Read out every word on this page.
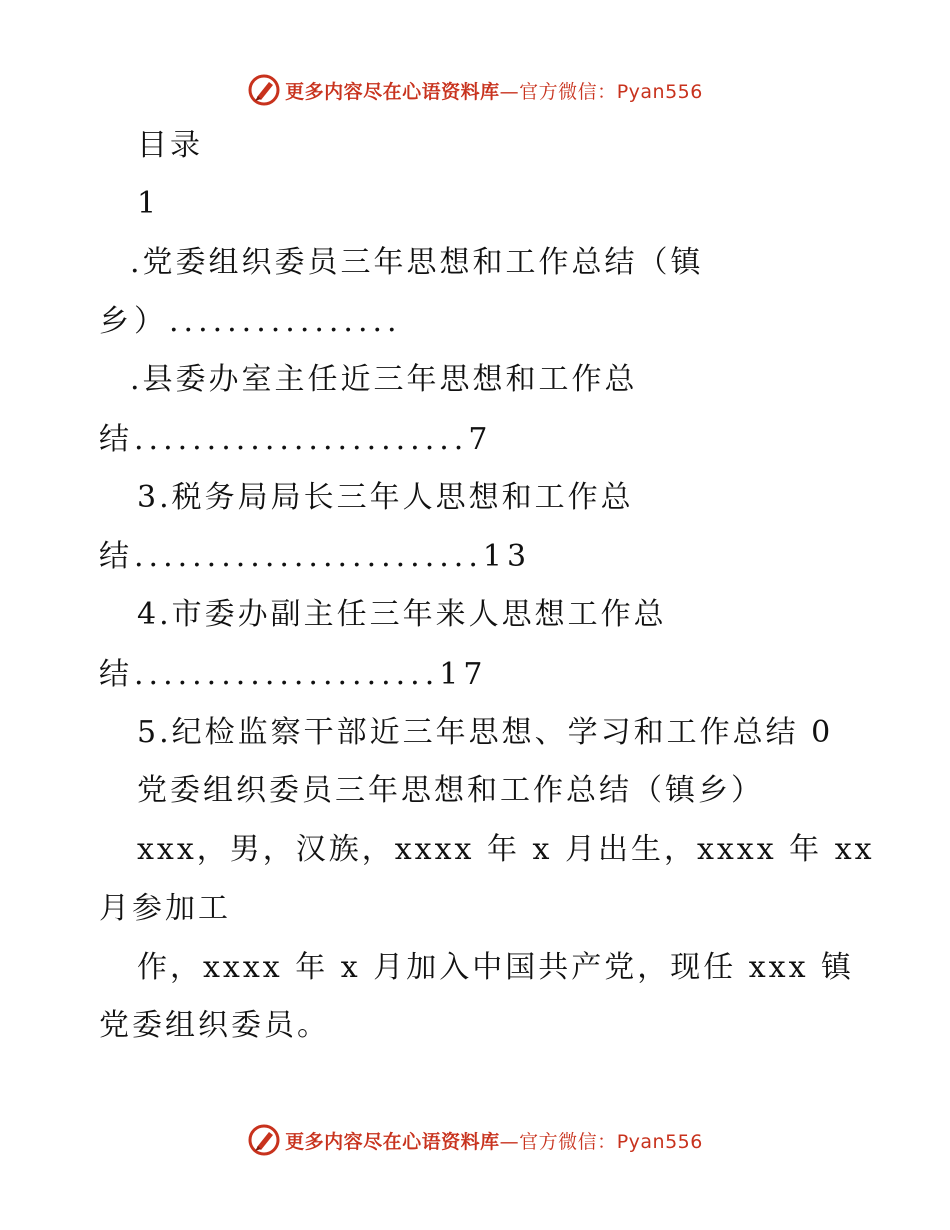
更多内容尽在心语资料库—官方微信：Pyan556
目录
1
.党委组织委员三年思想和工作总结（镇
乡）................
.县委办室主任近三年思想和工作总
结.......................7
3.税务局局长三年人思想和工作总
结........................13
4.市委办副主任三年来人思想工作总
结.....................17
5.纪检监察干部近三年思想、学习和工作总结 0
党委组织委员三年思想和工作总结（镇乡）
xxx，男，汉族，xxxx 年 x 月出生，xxxx 年 xx
月参加工
作，xxxx 年 x 月加入中国共产党，现任 xxx 镇
党委组织委员。
更多内容尽在心语资料库—官方微信：Pyan556
